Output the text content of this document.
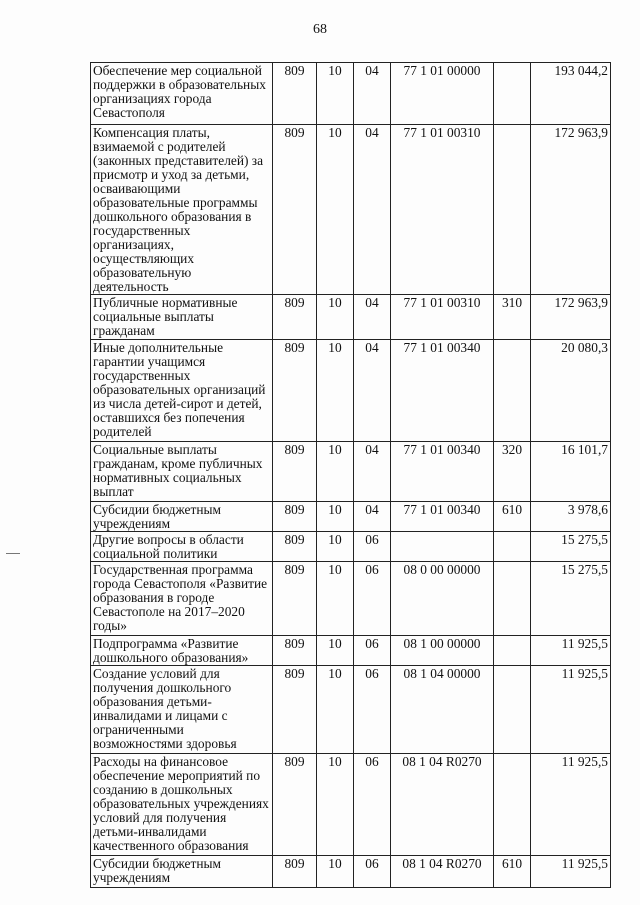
68
Обеспечение мер социальной поддержки в образовательных организациях города Севастополя	809	10	04	77 1 01 00000		193 044,2
Компенсация платы, взимаемой с родителей (законных представителей) за присмотр и уход за детьми, осваивающими образовательные программы дошкольного образования в государственных организациях, осуществляющих образовательную деятельность	809	10	04	77 1 01 00310		172 963,9
Публичные нормативные социальные выплаты гражданам	809	10	04	77 1 01 00310	310	172 963,9
Иные дополнительные гарантии учащимся государственных образовательных организаций из числа детей-сирот и детей, оставшихся без попечения родителей	809	10	04	77 1 01 00340		20 080,3
Социальные выплаты гражданам, кроме публичных нормативных социальных выплат	809	10	04	77 1 01 00340	320	16 101,7
Субсидии бюджетным учреждениям	809	10	04	77 1 01 00340	610	3 978,6
Другие вопросы в области социальной политики	809	10	06			15 275,5
Государственная программа города Севастополя «Развитие образования в городе Севастополе на 2017–2020 годы»	809	10	06	08 0 00 00000		15 275,5
Подпрограмма «Развитие дошкольного образования»	809	10	06	08 1 00 00000		11 925,5
Создание условий для получения дошкольного образования детьми-инвалидами и лицами с ограниченными возможностями здоровья	809	10	06	08 1 04 00000		11 925,5
Расходы на финансовое обеспечение мероприятий по созданию в дошкольных образовательных учреждениях условий для получения детьми-инвалидами качественного образования	809	10	06	08 1 04 R0270		11 925,5
Субсидии бюджетным учреждениям	809	10	06	08 1 04 R0270	610	11 925,5
